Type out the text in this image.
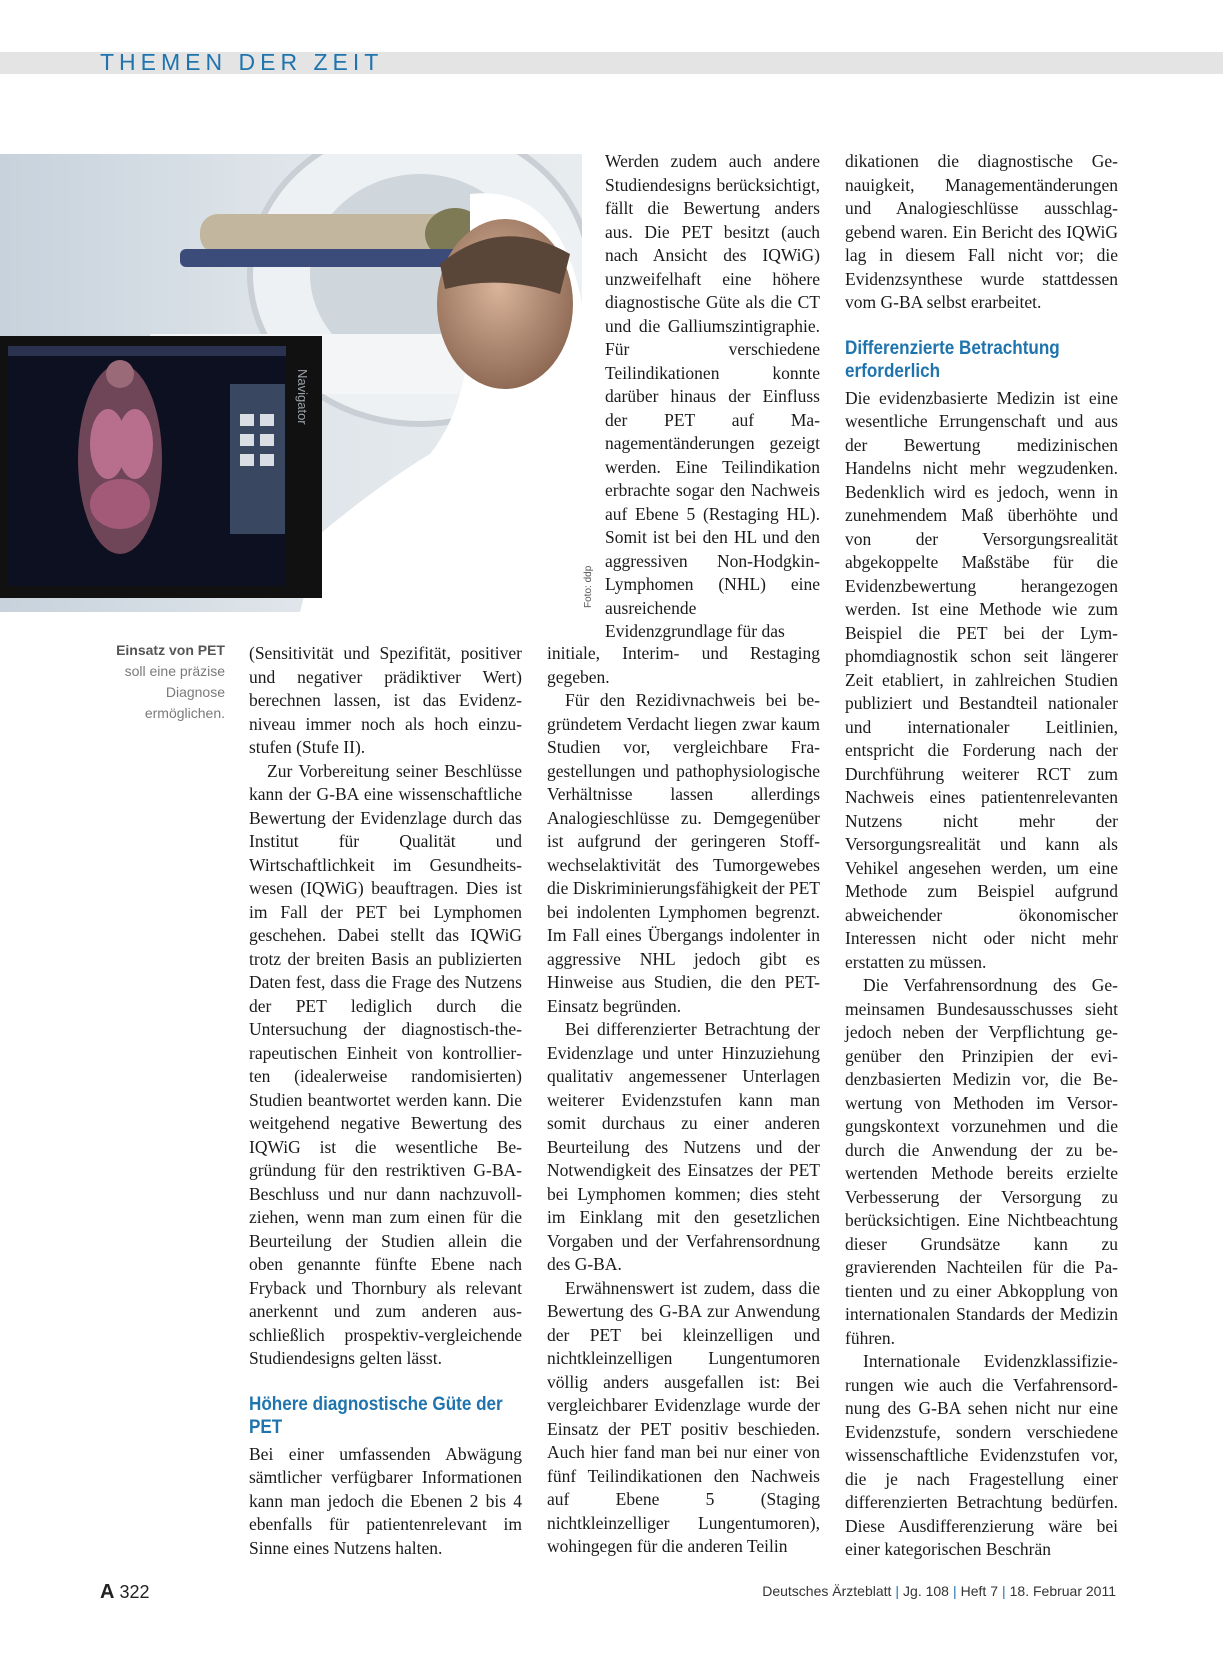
THEMEN DER ZEIT
Navigator
Foto: ddp
Einsatz von PET soll eine präzise Diagnose ermöglichen.

(Sensitivität und Spezifität, positiver und negativer prädiktiver Wert) berechnen lassen, ist das Evidenzniveau immer noch als hoch einzustufen (Stufe II).

Zur Vorbereitung seiner Beschlüsse kann der G-BA eine wissenschaftliche Bewertung der Evidenzlage durch das Institut für Qualität und Wirtschaftlichkeit im Gesundheitswesen (IQWiG) beauftragen. Dies ist im Fall der PET bei Lymphomen geschehen. Dabei stellt das IQWiG trotz der breiten Basis an publizierten Daten fest, dass die Frage des Nutzens der PET lediglich durch die Untersuchung der diagnostisch-therapeutischen Einheit von kontrollierten (idealerweise randomisierten) Studien beantwortet werden kann. Die weitgehend negative Bewertung des IQWiG ist die wesentliche Begründung für den restriktiven G-BA-Beschluss und nur dann nachzuvollziehen, wenn man zum einen für die Beurteilung der Studien allein die oben genannte fünfte Ebene nach Fryback und Thornbury als relevant anerkennt und zum anderen ausschließlich prospektiv-vergleichende Studiendesigns gelten lässt.

Höhere diagnostische Güte der PET

Bei einer umfassenden Abwägung sämtlicher verfügbarer Informationen kann man jedoch die Ebenen 2 bis 4 ebenfalls für patientenrelevant im Sinne eines Nutzens halten.

Werden zudem auch andere Studiendesigns berücksichtigt, fällt die Bewertung anders aus. Die PET besitzt (auch nach Ansicht des IQWiG) unzweifelhaft eine höhere diagnostische Güte als die CT und die Galliumszintigraphie. Für verschiedene Teilindikationen konnte darüber hinaus der Einfluss der PET auf Managementänderungen gezeigt werden. Eine Teilindikation erbrachte sogar den Nachweis auf Ebene 5 (Restaging HL). Somit ist bei den HL und den aggressiven Non-Hodgkin-Lymphomen (NHL) eine ausreichende Evidenzgrundlage für das

initiale, Interim- und Restaging gegeben.

Für den Rezidivnachweis bei begründetem Verdacht liegen zwar kaum Studien vor, vergleichbare Fragestellungen und pathophysiologische Verhältnisse lassen allerdings Analogieschlüsse zu. Demgegenüber ist aufgrund der geringeren Stoffwechselaktivität des Tumorgewebes die Diskriminierungsfähigkeit der PET bei indolenten Lymphomen begrenzt. Im Fall eines Übergangs indolenter in aggressive NHL jedoch gibt es Hinweise aus Studien, die den PET-Einsatz begründen.

Bei differenzierter Betrachtung der Evidenzlage und unter Hinzuziehung qualitativ angemessener Unterlagen weiterer Evidenzstufen kann man somit durchaus zu einer anderen Beurteilung des Nutzens und der Notwendigkeit des Einsatzes der PET bei Lymphomen kommen; dies steht im Einklang mit den gesetzlichen Vorgaben und der Verfahrensordnung des G-BA.

Erwähnenswert ist zudem, dass die Bewertung des G-BA zur Anwendung der PET bei kleinzelligen und nichtkleinzelligen Lungentumoren völlig anders ausgefallen ist: Bei vergleichbarer Evidenzlage wurde der Einsatz der PET positiv beschieden. Auch hier fand man bei nur einer von fünf Teilindikationen den Nachweis auf Ebene 5 (Staging nichtkleinzelliger Lungentumoren), wohingegen für die anderen Teilin

dikationen die diagnostische Genauigkeit, Managementänderungen und Analogieschlüsse ausschlaggebend waren. Ein Bericht des IQWiG lag in diesem Fall nicht vor; die Evidenzsynthese wurde stattdessen vom G-BA selbst erarbeitet.

Differenzierte Betrachtung erforderlich

Die evidenzbasierte Medizin ist eine wesentliche Errungenschaft und aus der Bewertung medizinischen Handelns nicht mehr wegzudenken. Bedenklich wird es jedoch, wenn in zunehmendem Maß überhöhte und von der Versorgungsrealität abgekoppelte Maßstäbe für die Evidenzbewertung herangezogen werden. Ist eine Methode wie zum Beispiel die PET bei der Lymphomdiagnostik schon seit längerer Zeit etabliert, in zahlreichen Studien publiziert und Bestandteil nationaler und internationaler Leitlinien, entspricht die Forderung nach der Durchführung weiterer RCT zum Nachweis eines patientenrelevanten Nutzens nicht mehr der Versorgungsrealität und kann als Vehikel angesehen werden, um eine Methode zum Beispiel aufgrund abweichender ökonomischer Interessen nicht oder nicht mehr erstatten zu müssen.

Die Verfahrensordnung des Gemeinsamen Bundesausschusses sieht jedoch neben der Verpflichtung gegenüber den Prinzipien der evidenzbasierten Medizin vor, die Bewertung von Methoden im Versorgungskontext vorzunehmen und die durch die Anwendung der zu bewertenden Methode bereits erzielte Verbesserung der Versorgung zu berücksichtigen. Eine Nichtbeachtung dieser Grundsätze kann zu gravierenden Nachteilen für die Patienten und zu einer Abkopplung von internationalen Standards der Medizin führen.

Internationale Evidenzklassifizierungen wie auch die Verfahrensordnung des G-BA sehen nicht nur eine Evidenzstufe, sondern verschiedene wissenschaftliche Evidenzstufen vor, die je nach Fragestellung einer differenzierten Betrachtung bedürfen. Diese Ausdifferenzierung wäre bei einer kategorischen Beschrän

A 322	Deutsches Ärzteblatt | Jg. 108 | Heft 7 | 18. Februar 2011
